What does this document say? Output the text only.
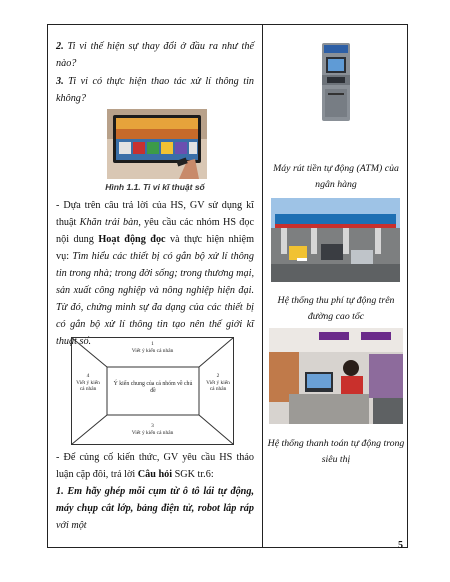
2. Ti vi thế hiện sự thay đổi ở đầu ra như thế nào?
3. Ti vi có thực hiện thao tác xử lí thông tin không?
Hình 1.1. Ti vi kĩ thuật số
- Dựa trên câu trả lời của HS, GV sử dụng kĩ thuật Khăn trải bàn, yêu cầu các nhóm HS đọc nội dung Hoạt động đọc và thực hiện nhiệm vụ: Tìm hiểu các thiết bị có gắn bộ xử lí thông tin trong nhà; trong đời sống; trong thương mại, sản xuất công nghiệp và nông nghiệp hiện đại. Từ đó, chứng minh sự đa dạng của các thiết bị có gắn bộ xử lí thông tin tạo nên thế giới kĩ thuật số.	1
Viết ý kiến cá nhân
2
Viết ý kiến cá nhân
3
Viết ý kiến cá nhân
4
Viết ý kiến cá nhân
Ý kiến chung của cả nhóm về chủ đề
- Để củng cố kiến thức, GV yêu cầu HS thảo luận cặp đôi, trả lời Câu hỏi SGK tr.6:
1. Em hãy ghép mỗi cụm từ ô tô lái tự động, máy chụp cắt lớp, bảng điện tử, robot lắp ráp với một
Máy rút tiền tự động (ATM) của ngân hàng
Hệ thống thu phí tự động trên đường cao tốc
Hệ thống thanh toán tự động trong siêu thị
5
